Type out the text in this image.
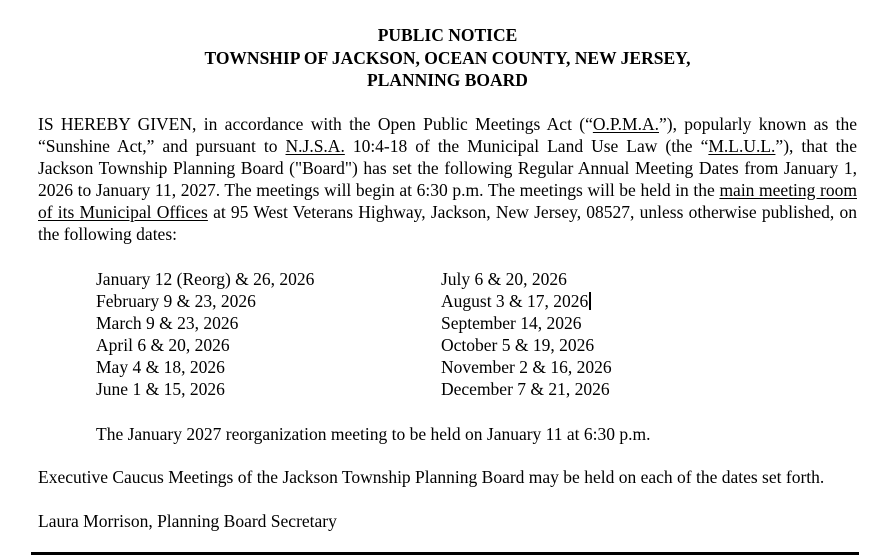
PUBLIC NOTICE
TOWNSHIP OF JACKSON, OCEAN COUNTY, NEW JERSEY,
PLANNING BOARD
IS HEREBY GIVEN, in accordance with the Open Public Meetings Act (“O.P.M.A.”), popularly known as the “Sunshine Act,” and pursuant to N.J.S.A. 10:4-18 of the Municipal Land Use Law (the “M.L.U.L.”), that the Jackson Township Planning Board ("Board") has set the following Regular Annual Meeting Dates from January 1, 2026 to January 11, 2027. The meetings will begin at 6:30 p.m. The meetings will be held in the main meeting room of its Municipal Offices at 95 West Veterans Highway, Jackson, New Jersey, 08527, unless otherwise published, on the following dates:
January 12 (Reorg) & 26, 2026	July 6 & 20, 2026
February 9 & 23, 2026	August 3 & 17, 2026
March 9 & 23, 2026	September 14, 2026
April 6 & 20, 2026	October 5 & 19, 2026
May 4 & 18, 2026	November 2 & 16, 2026
June 1 & 15, 2026	December 7 & 21, 2026
The January 2027 reorganization meeting to be held on January 11 at 6:30 p.m.
Executive Caucus Meetings of the Jackson Township Planning Board may be held on each of the dates set forth.
Laura Morrison, Planning Board Secretary
